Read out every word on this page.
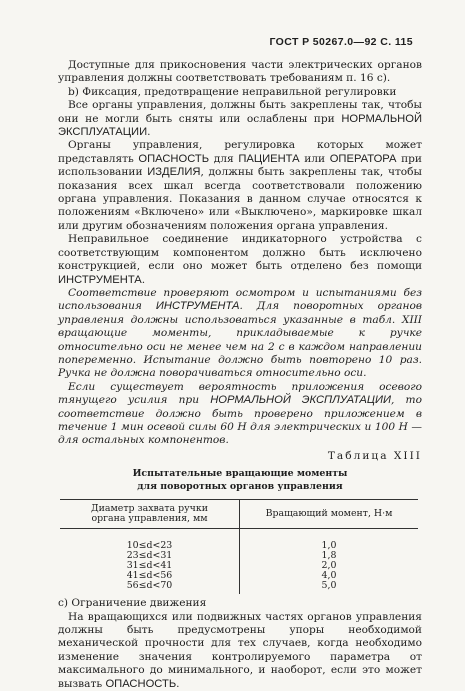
ГОСТ Р 50267.0—92 С. 115

Доступные для прикосновения части электрических органов управления должны соответствовать требованиям п. 16 с).

b) Фиксация, предотвращение неправильной регулировки

Все органы управления, должны быть закреплены так, чтобы они не могли быть сняты или ослаблены при НОРМАЛЬНОЙ ЭКСПЛУАТАЦИИ.

Органы управления, регулировка которых может представлять ОПАСНОСТЬ для ПАЦИЕНТА или ОПЕРАТОРА при использовании ИЗДЕЛИЯ, должны быть закреплены так, чтобы показания всех шкал всегда соответствовали положению органа управления. Показания в данном случае относятся к положениям «Включено» или «Выключено», маркировке шкал или другим обозначениям положения органа управления.

Неправильное соединение индикаторного устройства с соответствующим компонентом должно быть исключено конструкцией, если оно может быть отделено без помощи ИНСТРУМЕНТА.

Соответствие проверяют осмотром и испытаниями без использования ИНСТРУМЕНТА. Для поворотных органов управления должны использоваться указанные в табл. XIII вращающие моменты, прикладываемые к ручке относительно оси не менее чем на 2 с в каждом направлении попеременно. Испытание должно быть повторено 10 раз. Ручка не должна поворачиваться относительно оси.

Если существует вероятность приложения осевого тянущего усилия при НОРМАЛЬНОЙ ЭКСПЛУАТАЦИИ, то соответствие должно быть проверено приложением в течение 1 мин осевой силы 60 Н для электрических и 100 Н — для остальных компонентов.

Таблица XIII

Испытательные вращающие моменты
для поворотных органов управления

Диаметр захвата ручки
органа управления, мм	Вращающий момент, Н·м
10≤d<23	1,0
23≤d<31	1,8
31≤d<41	2,0
41≤d<56	4,0
56≤d<70	5,0

с) Ограничение движения

На вращающихся или подвижных частях органов управления должны быть предусмотрены упоры необходимой механической прочности для тех случаев, когда необходимо изменение значения контролируемого параметра от максимального до минимального, и наоборот, если это может вызвать ОПАСНОСТЬ.
